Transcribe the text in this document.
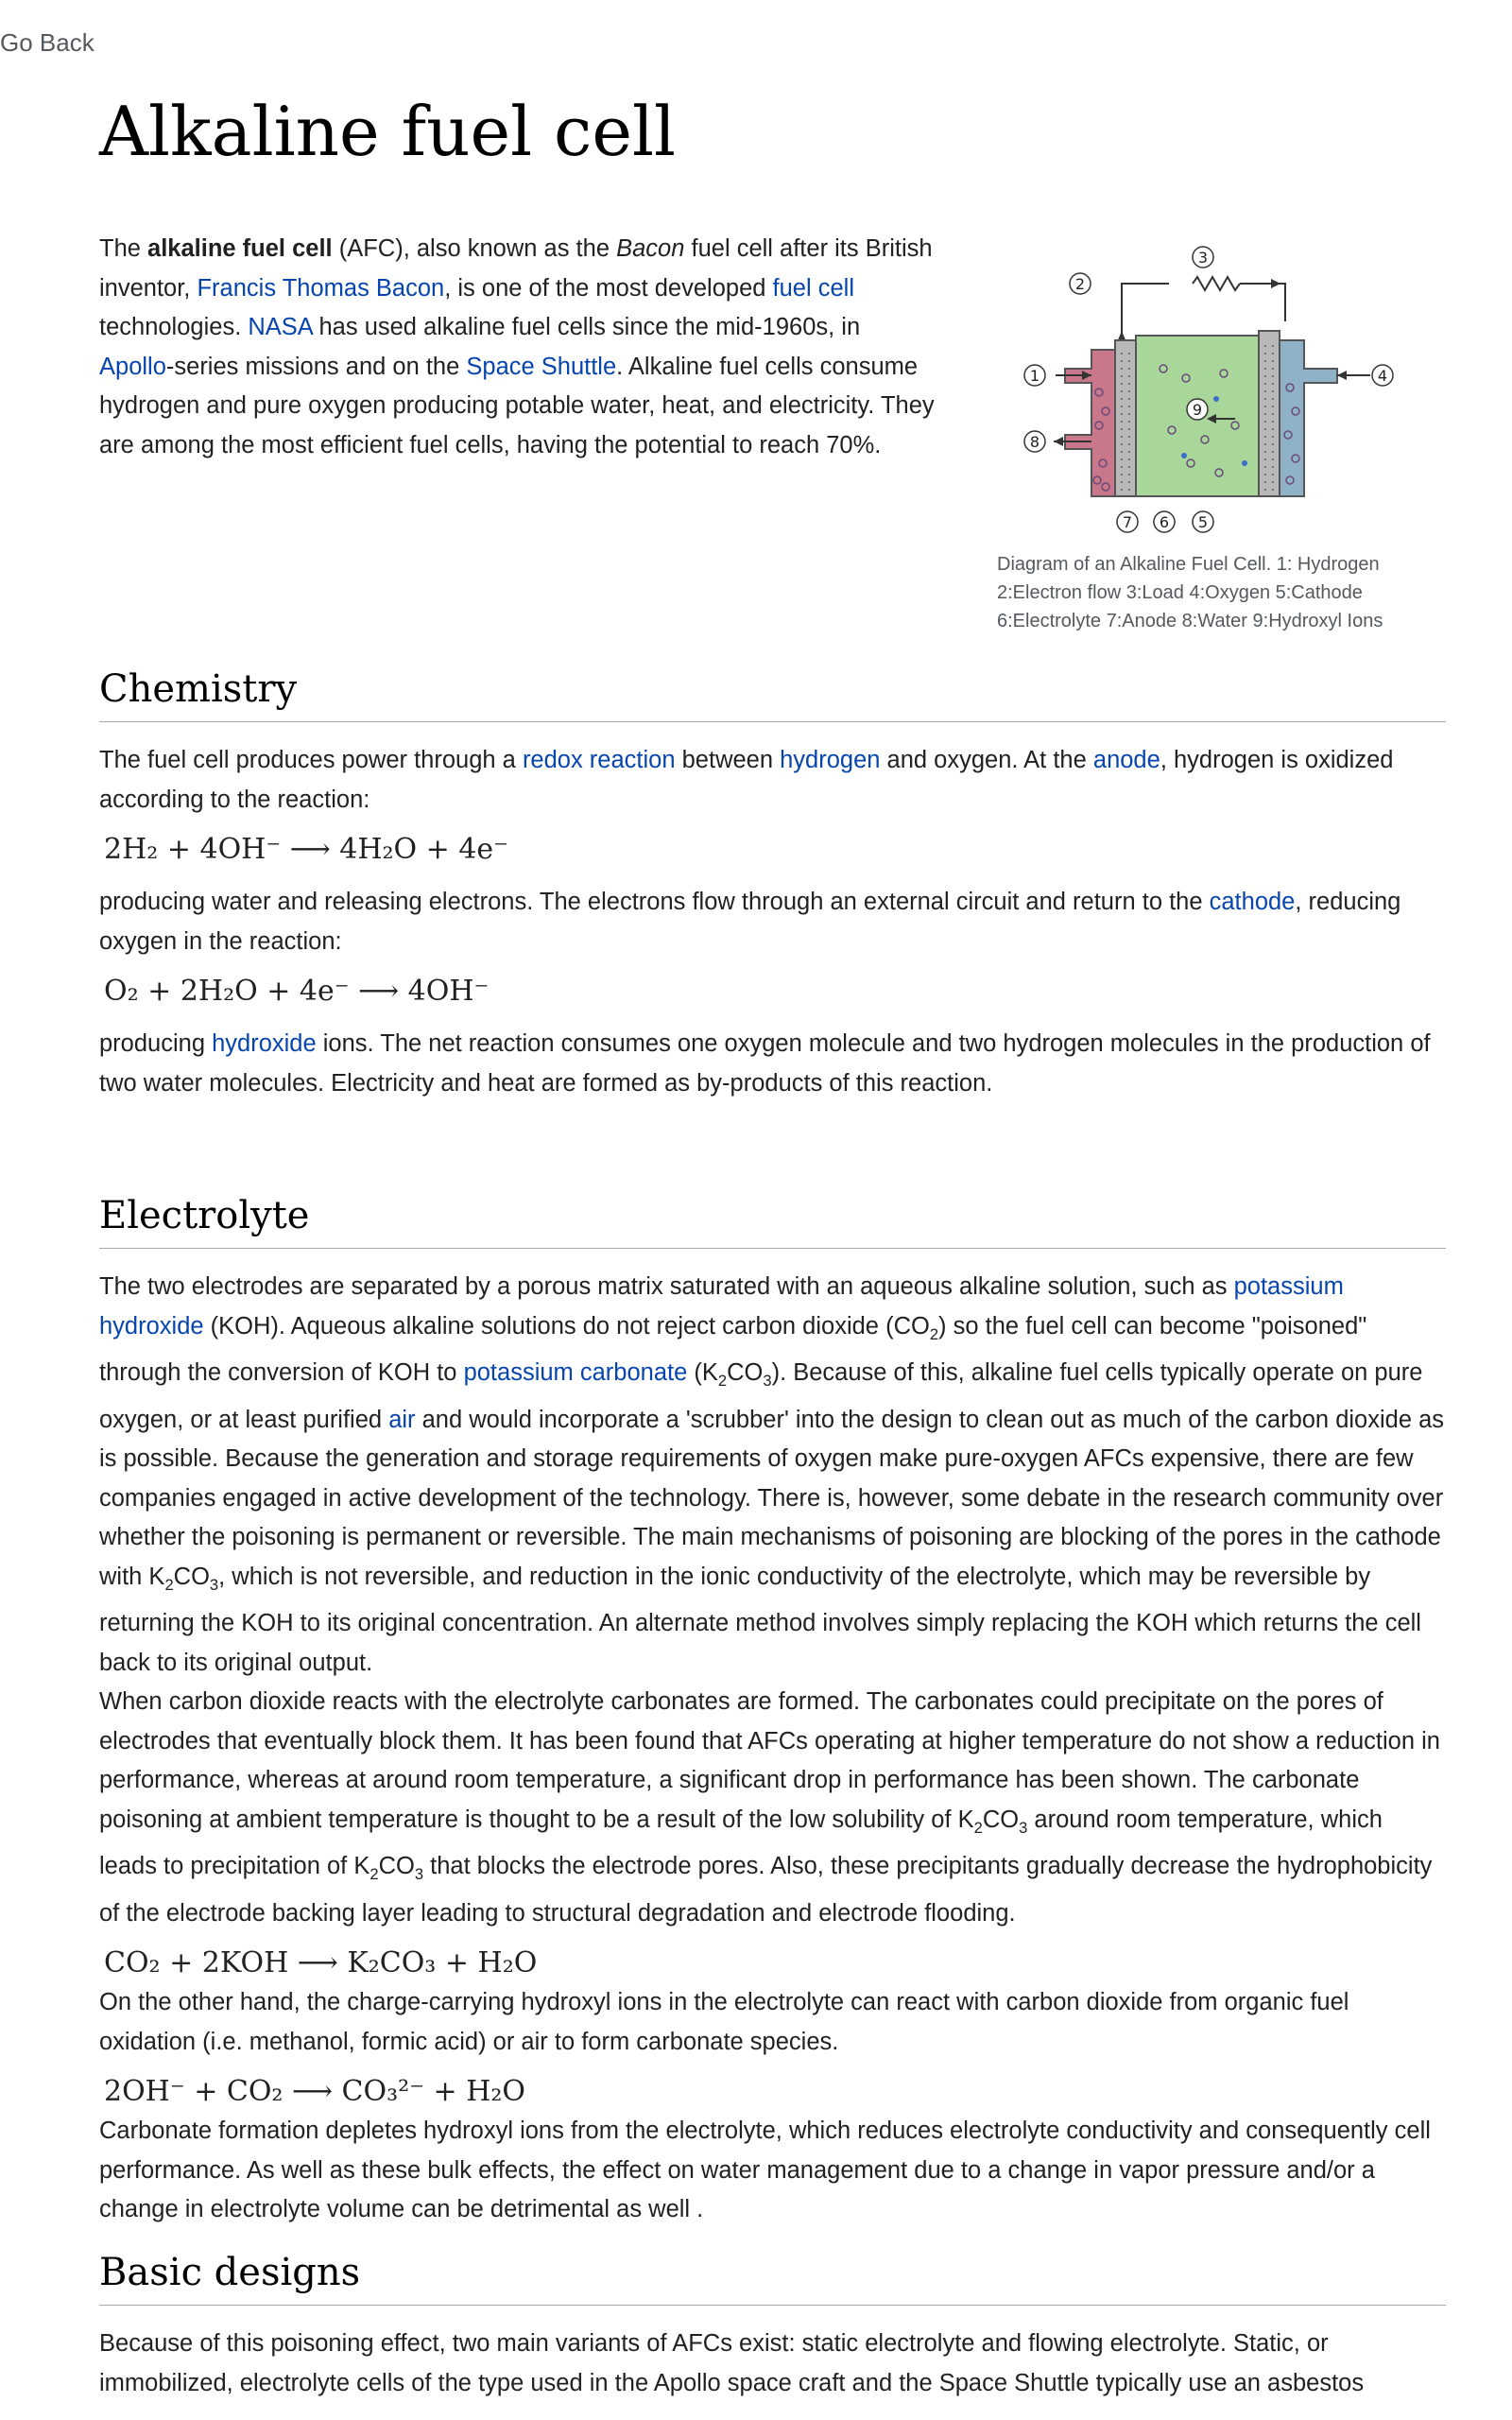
Go Back
Alkaline fuel cell

The alkaline fuel cell (AFC), also known as the Bacon fuel cell after its British inventor, Francis Thomas Bacon, is one of the most developed fuel cell technologies. NASA has used alkaline fuel cells since the mid-1960s, in Apollo-series missions and on the Space Shuttle. Alkaline fuel cells consume hydrogen and pure oxygen producing potable water, heat, and electricity. They are among the most efficient fuel cells, having the potential to reach 70%.

1
2
3
4
8
9
7 6 5
Diagram of an Alkaline Fuel Cell. 1: Hydrogen 2:Electron flow 3:Load 4:Oxygen 5:Cathode 6:Electrolyte 7:Anode 8:Water 9:Hydroxyl Ions
Chemistry

The fuel cell produces power through a redox reaction between hydrogen and oxygen. At the anode, hydrogen is oxidized according to the reaction:

2H₂ + 4OH⁻ ⟶ 4H₂O + 4e⁻

producing water and releasing electrons. The electrons flow through an external circuit and return to the cathode, reducing oxygen in the reaction:

O₂ + 2H₂O + 4e⁻ ⟶ 4OH⁻

producing hydroxide ions. The net reaction consumes one oxygen molecule and two hydrogen molecules in the production of two water molecules. Electricity and heat are formed as by-products of this reaction.

Electrolyte

The two electrodes are separated by a porous matrix saturated with an aqueous alkaline solution, such as potassium hydroxide (KOH). Aqueous alkaline solutions do not reject carbon dioxide $(CO_2)$ so the fuel cell can become "poisoned" through the conversion of KOH to potassium carbonate $(K_2CO_3)$. Because of this, alkaline fuel cells typically operate on pure oxygen, or at least purified air and would incorporate a 'scrubber' into the design to clean out as much of the carbon dioxide as is possible. Because the generation and storage requirements of oxygen make pure-oxygen AFCs expensive, there are few companies engaged in active development of the technology. There is, however, some debate in the research community over whether the poisoning is permanent or reversible. The main mechanisms of poisoning are blocking of the pores in the cathode with $K_2CO_3$, which is not reversible, and reduction in the ionic conductivity of the electrolyte, which may be reversible by returning the KOH to its original concentration. An alternate method involves simply replacing the KOH which returns the cell back to its original output.

When carbon dioxide reacts with the electrolyte carbonates are formed. The carbonates could precipitate on the pores of electrodes that eventually block them. It has been found that AFCs operating at higher temperature do not show a reduction in performance, whereas at around room temperature, a significant drop in performance has been shown. The carbonate poisoning at ambient temperature is thought to be a result of the low solubility of $K_2CO_3$ around room temperature, which leads to precipitation of $K_2CO_3$ that blocks the electrode pores. Also, these precipitants gradually decrease the hydrophobicity of the electrode backing layer leading to structural degradation and electrode flooding.

CO₂ + 2KOH ⟶ K₂CO₃ + H₂O

On the other hand, the charge-carrying hydroxyl ions in the electrolyte can react with carbon dioxide from organic fuel oxidation (i.e. methanol, formic acid) or air to form carbonate species.

2OH⁻ + CO₂ ⟶ CO₃²⁻ + H₂O

Carbonate formation depletes hydroxyl ions from the electrolyte, which reduces electrolyte conductivity and consequently cell performance. As well as these bulk effects, the effect on water management due to a change in vapor pressure and/or a change in electrolyte volume can be detrimental as well .

Basic designs

Because of this poisoning effect, two main variants of AFCs exist: static electrolyte and flowing electrolyte. Static, or immobilized, electrolyte cells of the type used in the Apollo space craft and the Space Shuttle typically use an asbestos
